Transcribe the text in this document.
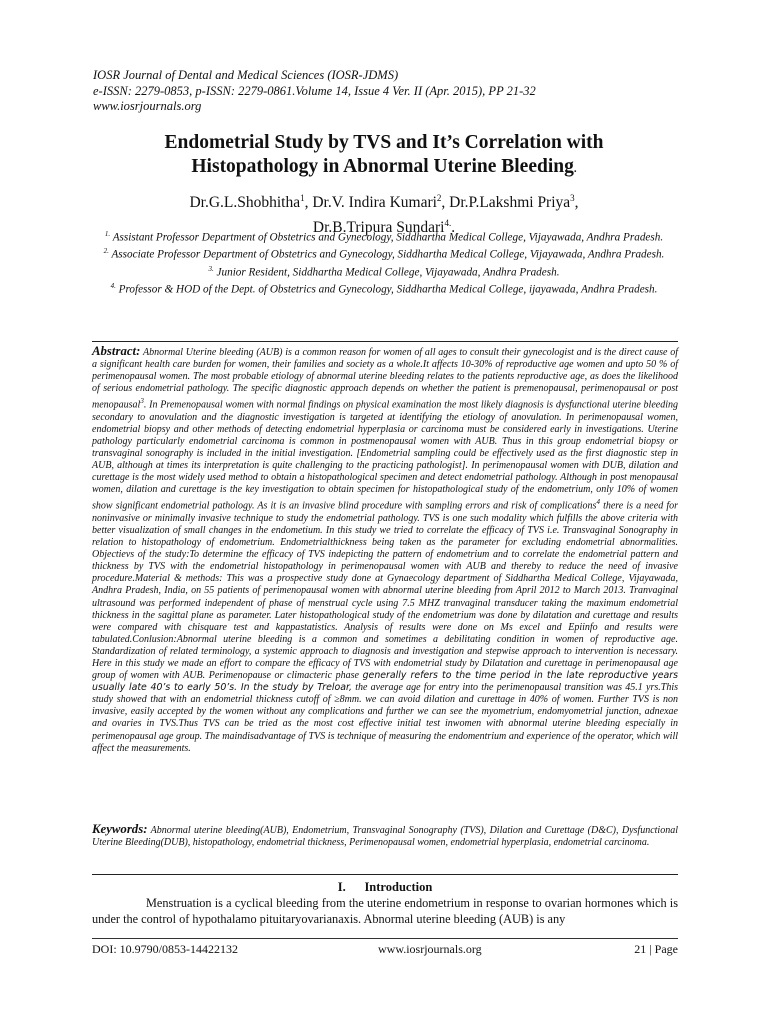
IOSR Journal of Dental and Medical Sciences (IOSR-JDMS)
e-ISSN: 2279-0853, p-ISSN: 2279-0861.Volume 14, Issue 4 Ver. II (Apr. 2015), PP 21-32
www.iosrjournals.org
Endometrial Study by TVS and It’s Correlation with
Histopathology in Abnormal Uterine Bleeding.
Dr.G.L.Shobhitha$^1$, Dr.V. Indira Kumari$^2$, Dr.P.Lakshmi Priya$^3$,
Dr.B.Tripura Sundari$^{4.}$.
$^{1.}$ Assistant Professor Department of Obstetrics and Gynecology, Siddhartha Medical College, Vijayawada, Andhra Pradesh.
$^{2.}$ Associate Professor Department of Obstetrics and Gynecology, Siddhartha Medical College, Vijayawada, Andhra Pradesh.
$^{3.}$ Junior Resident, Siddhartha Medical College, Vijayawada, Andhra Pradesh.
$^{4.}$ Professor & HOD of the Dept. of Obstetrics and Gynecology, Siddhartha Medical College, ijayawada, Andhra Pradesh.
Abstract: Abnormal Uterine bleeding (AUB) is a common reason for women of all ages to consult their gynecologist and is the direct cause of a significant health care burden for women, their families and society as a whole.It affects 10-30% of reproductive age women and upto 50 % of perimenopausal women. The most probable etiology of abnormal uterine bleeding relates to the patients reproductive age, as does the likelihood of serious endometrial pathology. The specific diagnostic approach depends on whether the patient is premenopausal, perimenopausal or post menopausal$^3$. In Premenopausal women with normal findings on physical examination the most likely diagnosis is dysfunctional uterine bleeding secondary to anovulation and the diagnostic investigation is targeted at identifying the etiology of anovulation. In perimenopausal women, endometrial biopsy and other methods of detecting endometrial hyperplasia or carcinoma must be considered early in investigations. Uterine pathology particularly endometrial carcinoma is common in postmenopausal women with AUB. Thus in this group endometrial biopsy or transvaginal sonography is included in the initial investigation. [Endometrial sampling could be effectively used as the first diagnostic step in AUB, although at times its interpretation is quite challenging to the practicing pathologist]. In perimenopausal women with DUB, dilation and curettage is the most widely used method to obtain a histopathological specimen and detect endometrial pathology. Although in post menopausal women, dilation and curettage is the key investigation to obtain specimen for histopathological study of the endometrium, only 10% of women show significant endometrial pathology. As it is an invasive blind procedure with sampling errors and risk of complications$^4$ there is a need for noninvasive or minimally invasive technique to study the endometrial pathology. TVS is one such modality which fulfills the above criteria with better visualization of small changes in the endometium. In this study we tried to correlate the efficacy of TVS i.e. Transvaginal Sonography in relation to histopathology of endometrium. Endometrialthickness being taken as the parameter for excluding endometrial abnormalities. Objectievs of the study:To determine the efficacy of TVS indepicting the pattern of endometrium and to correlate the endometrial pattern and thickness by TVS with the endometrial histopathology in perimenopausal women with AUB and thereby to reduce the need of invasive procedure.Material & methods: This was a prospective study done at Gynaecology department of Siddhartha Medical College, Vijayawada, Andhra Pradesh, India, on 55 patients of perimenopausal women with abnormal uterine bleeding from April 2012 to March 2013. Tranvaginal ultrasound was performed independent of phase of menstrual cycle using 7.5 MHZ tranvaginal transducer taking the maximum endometrial thickness in the sagittal plane as parameter. Later histopathological study of the endometrium was done by dilatation and curettage and results were compared with chisquare test and kappastatistics. Analysis of results were done on Ms excel and Epiinfo and results were tabulated.Conlusion:Abnormal uterine bleeding is a common and sometimes a debilitating condition in women of reproductive age. Standardization of related terminology, a systemic approach to diagnosis and investigation and stepwise approach to intervention is necessary. Here in this study we made an effort to compare the efficacy of TVS with endometrial study by Dilatation and curettage in perimenopausal age group of women with AUB. Perimenopause or climacteric phase generally refers to the time period in the late reproductive years usually late 40’s to early 50’s. In the study by Treloar, the average age for entry into the perimenopausal transition was 45.1 yrs.This study showed that with an endometrial thickness cutoff of ≥8mm. we can avoid dilation and curettage in 40% of women. Further TVS is non invasive, easily accepted by the women without any complications and further we can see the myometrium, endomyometrial junction, adnexae and ovaries in TVS.Thus TVS can be tried as the most cost effective initial test inwomen with abnormal uterine bleeding especially in perimenopausal age group. The maindisadvantage of TVS is technique of measuring the endomentrium and experience of the operator, which will affect the measurements.
Keywords: Abnormal uterine bleeding(AUB), Endometrium, Transvaginal Sonography (TVS), Dilation and Curettage (D&C), Dysfunctional Uterine Bleeding(DUB), histopathology, endometrial thickness, Perimenopausal women, endometrial hyperplasia, endometrial carcinoma.
I.      Introduction
Menstruation is a cyclical bleeding from the uterine endometrium in response to ovarian hormones which is under the control of hypothalamo pituitaryovarianaxis. Abnormal uterine bleeding (AUB) is any
DOI: 10.9790/0853-14422132	www.iosrjournals.org	21 | Page
